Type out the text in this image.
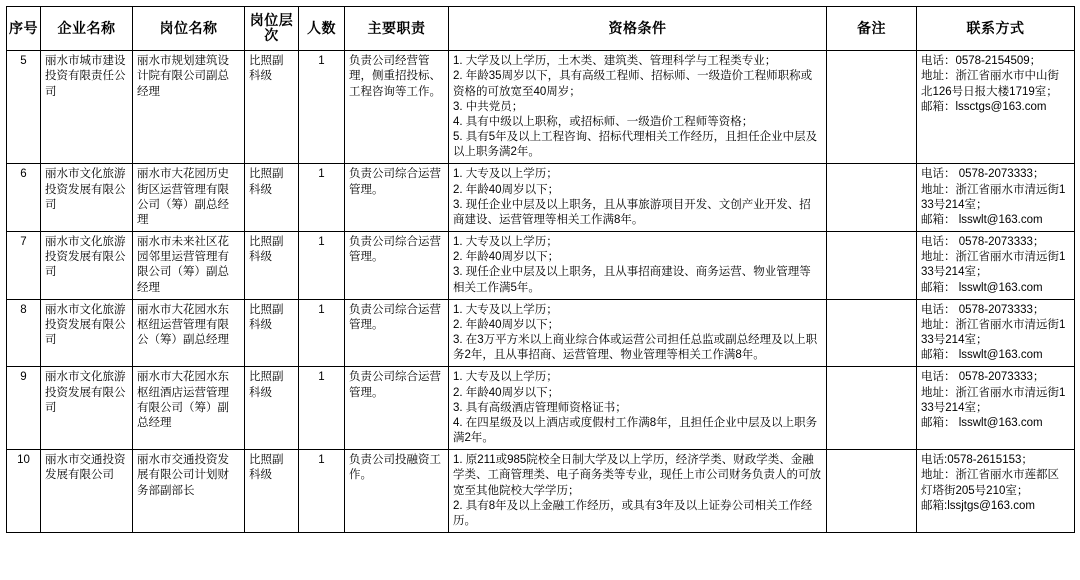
序号	企业名称	岗位名称	岗位层次	人数	主要职责	资格条件	备注	联系方式
5	丽水市城市建设投资有限责任公司	丽水市规划建筑设计院有限公司副总经理	比照副科级	1	负责公司经营管理，侧重招投标、工程咨询等工作。	1. 大学及以上学历，土木类、建筑类、管理科学与工程类专业；
2. 年龄35周岁以下，具有高级工程师、招标师、一级造价工程师职称或资格的可放宽至40周岁；
3. 中共党员；
4. 具有中级以上职称，或招标师、一级造价工程师等资格；
5. 具有5年及以上工程咨询、招标代理相关工作经历，且担任企业中层及以上职务满2年。		电话：0578-2154509；
地址：浙江省丽水市中山街北126号日报大楼1719室；
邮箱：lssctgs@163.com

6	丽水市文化旅游投资发展有限公司	丽水市大花园历史街区运营管理有限公司（筹）副总经理	比照副科级	1	负责公司综合运营管理。	1. 大专及以上学历；
2. 年龄40周岁以下；
3. 现任企业中层及以上职务，且从事旅游项目开发、文创产业开发、招商建设、运营管理等相关工作满8年。		电话： 0578-2073333；
地址：浙江省丽水市清远街133号214室；
邮箱： lsswlt@163.com

7	丽水市文化旅游投资发展有限公司	丽水市未来社区花园邻里运营管理有限公司（筹）副总经理	比照副科级	1	负责公司综合运营管理。	1. 大专及以上学历；
2. 年龄40周岁以下；
3. 现任企业中层及以上职务，且从事招商建设、商务运营、物业管理等相关工作满5年。		电话： 0578-2073333；
地址：浙江省丽水市清远街133号214室；
邮箱： lsswlt@163.com

8	丽水市文化旅游投资发展有限公司	丽水市大花园水东枢纽运营管理有限公（筹）副总经理	比照副科级	1	负责公司综合运营管理。	1. 大专及以上学历；
2. 年龄40周岁以下；
3. 在3万平方米以上商业综合体或运营公司担任总监或副总经理及以上职务2年，且从事招商、运营管理、物业管理等相关工作满8年。		电话： 0578-2073333；
地址：浙江省丽水市清远街133号214室；
邮箱： lsswlt@163.com

9	丽水市文化旅游投资发展有限公司	丽水市大花园水东枢纽酒店运营管理有限公司（筹）副总经理	比照副科级	1	负责公司综合运营管理。	1. 大专及以上学历；
2. 年龄40周岁以下；
3. 具有高级酒店管理师资格证书；
4. 在四星级及以上酒店或度假村工作满8年，且担任企业中层及以上职务满2年。		电话： 0578-2073333；
地址：浙江省丽水市清远街133号214室；
邮箱： lsswlt@163.com

10	丽水市交通投资发展有限公司	丽水市交通投资发展有限公司计划财务部副部长	比照副科级	1	负责公司投融资工作。	1. 原211或985院校全日制大学及以上学历，经济学类、财政学类、金融学类、工商管理类、电子商务类等专业，现任上市公司财务负责人的可放宽至其他院校大学学历；
2. 具有8年及以上金融工作经历，或具有3年及以上证券公司相关工作经历。		电话:0578-2615153；
地址：浙江省丽水市莲都区灯塔街205号210室；
邮箱:lssjtgs@163.com
